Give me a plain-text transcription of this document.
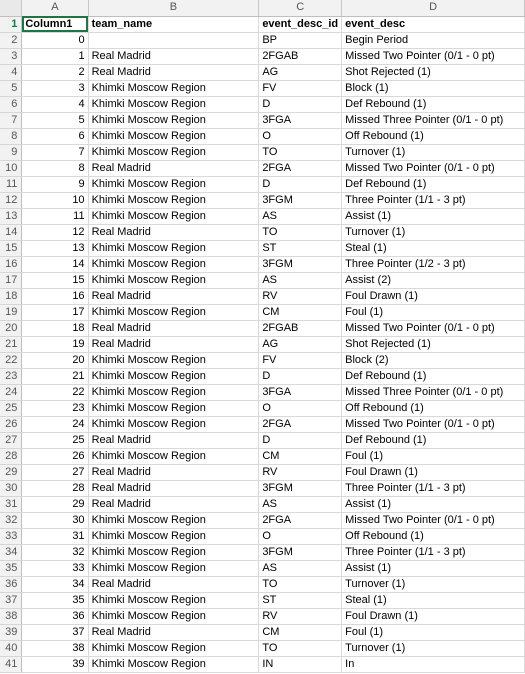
	A	B	C	D
1	Column1	team_name	event_desc_id	event_desc
2	0		BP	Begin Period
3	1	Real Madrid	2FGAB	Missed Two Pointer (0/1 - 0 pt)
4	2	Real Madrid	AG	Shot Rejected (1)
5	3	Khimki Moscow Region	FV	Block (1)
6	4	Khimki Moscow Region	D	Def Rebound (1)
7	5	Khimki Moscow Region	3FGA	Missed Three Pointer (0/1 - 0 pt)
8	6	Khimki Moscow Region	O	Off Rebound (1)
9	7	Khimki Moscow Region	TO	Turnover (1)
10	8	Real Madrid	2FGA	Missed Two Pointer (0/1 - 0 pt)
11	9	Khimki Moscow Region	D	Def Rebound (1)
12	10	Khimki Moscow Region	3FGM	Three Pointer (1/1 - 3 pt)
13	11	Khimki Moscow Region	AS	Assist (1)
14	12	Real Madrid	TO	Turnover (1)
15	13	Khimki Moscow Region	ST	Steal (1)
16	14	Khimki Moscow Region	3FGM	Three Pointer (1/2 - 3 pt)
17	15	Khimki Moscow Region	AS	Assist (2)
18	16	Real Madrid	RV	Foul Drawn (1)
19	17	Khimki Moscow Region	CM	Foul (1)
20	18	Real Madrid	2FGAB	Missed Two Pointer (0/1 - 0 pt)
21	19	Real Madrid	AG	Shot Rejected (1)
22	20	Khimki Moscow Region	FV	Block (2)
23	21	Khimki Moscow Region	D	Def Rebound (1)
24	22	Khimki Moscow Region	3FGA	Missed Three Pointer (0/1 - 0 pt)
25	23	Khimki Moscow Region	O	Off Rebound (1)
26	24	Khimki Moscow Region	2FGA	Missed Two Pointer (0/1 - 0 pt)
27	25	Real Madrid	D	Def Rebound (1)
28	26	Khimki Moscow Region	CM	Foul (1)
29	27	Real Madrid	RV	Foul Drawn (1)
30	28	Real Madrid	3FGM	Three Pointer (1/1 - 3 pt)
31	29	Real Madrid	AS	Assist (1)
32	30	Khimki Moscow Region	2FGA	Missed Two Pointer (0/1 - 0 pt)
33	31	Khimki Moscow Region	O	Off Rebound (1)
34	32	Khimki Moscow Region	3FGM	Three Pointer (1/1 - 3 pt)
35	33	Khimki Moscow Region	AS	Assist (1)
36	34	Real Madrid	TO	Turnover (1)
37	35	Khimki Moscow Region	ST	Steal (1)
38	36	Khimki Moscow Region	RV	Foul Drawn (1)
39	37	Real Madrid	CM	Foul (1)
40	38	Khimki Moscow Region	TO	Turnover (1)
41	39	Khimki Moscow Region	IN	In
